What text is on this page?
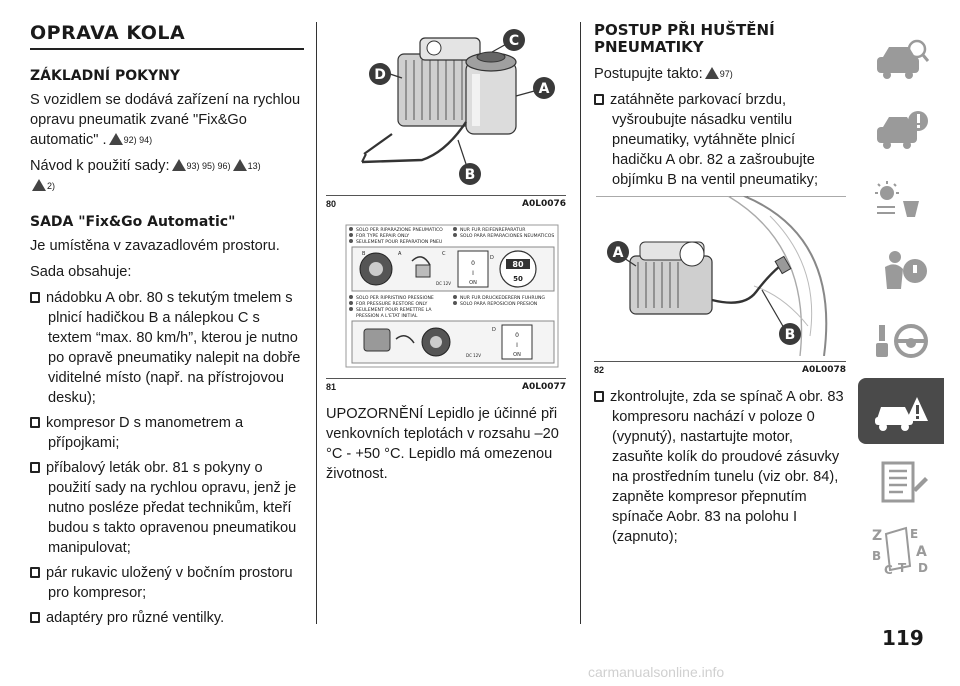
OPRAVA KOLA
ZÁKLADNÍ POKYNY

S vozidlem se dodává zařízení na rychlou opravu pneumatik zvané "Fix&Go automatic" . 92) 94)

Návod k použití sady: 93) 95) 96) 13)
2)

SADA "Fix&Go Automatic"

Je umístěna v zavazadlovém prostoru.

Sada obsahuje:

nádobku A obr. 80 s tekutým tmelem s plnicí hadičkou B a nálepkou C s textem “max. 80 km/h”, kterou je nutno po opravě pneumatiky nalepit na dobře viditelné místo (např. na přístrojovou desku);
kompresor D s manometrem a přípojkami;
příbalový leták obr. 81 s pokyny o použití sady na rychlou opravu, jenž je nutno posléze předat technikům, kteří budou s takto opravenou pneumatikou manipulovat;
pár rukavic uložený v bočním prostoru pro kompresor;
adaptéry pro různé ventilky.
C
A
D
B
80	A0L0076
SOLO PER RIPARAZIONE PNEUMATICO
FOR TYPE REPAIR ONLY
SEULEMENT POUR REPARATION PNEU
NUR FUR REIFENREPARATUR
SOLO PARA REPARACIONES NEUMATICOS
SOLO PER RIPRISTINO PRESSIONE
FOR PRESSURE RESTORE ONLY
SEULEMENT POUR REMETTRE LA
PRESSION A L'ETAT INITIAL
NUR FUR DRUCKEDERERN FUHRUNG
SOLO PARA REPOSICION PRESION
0
I
ON
DC 12V
B	A	C
D
80
50
0
I
ON
DC 12V
D
81	A0L0077

UPOZORNĚNÍ Lepidlo je účinné při venkovních teplotách v rozsahu –20 °C - +50 °C. Lepidlo má omezenou životnost.

POSTUP PŘI HUŠTĚNÍ PNEUMATIKY

Postupujte takto: 97)

zatáhněte parkovací brzdu, vyšroubujte násadku ventilu pneumatiky, vytáhněte plnicí hadičku A obr. 82 a zašroubujte objímku B na ventil pneumatiky;
A
B
82	A0L0078
zkontrolujte, zda se spínač A obr. 83 kompresoru nachází v poloze 0 (vypnutý), nastartujte motor, zasuňte kolík do proudové zásuvky na prostředním tunelu (viz obr. 84), zapněte kompresor přepnutím spínače Aobr. 83 na polohu I (zapnuto);	Z E
A
B
C T D
119
carmanualsonline.info
